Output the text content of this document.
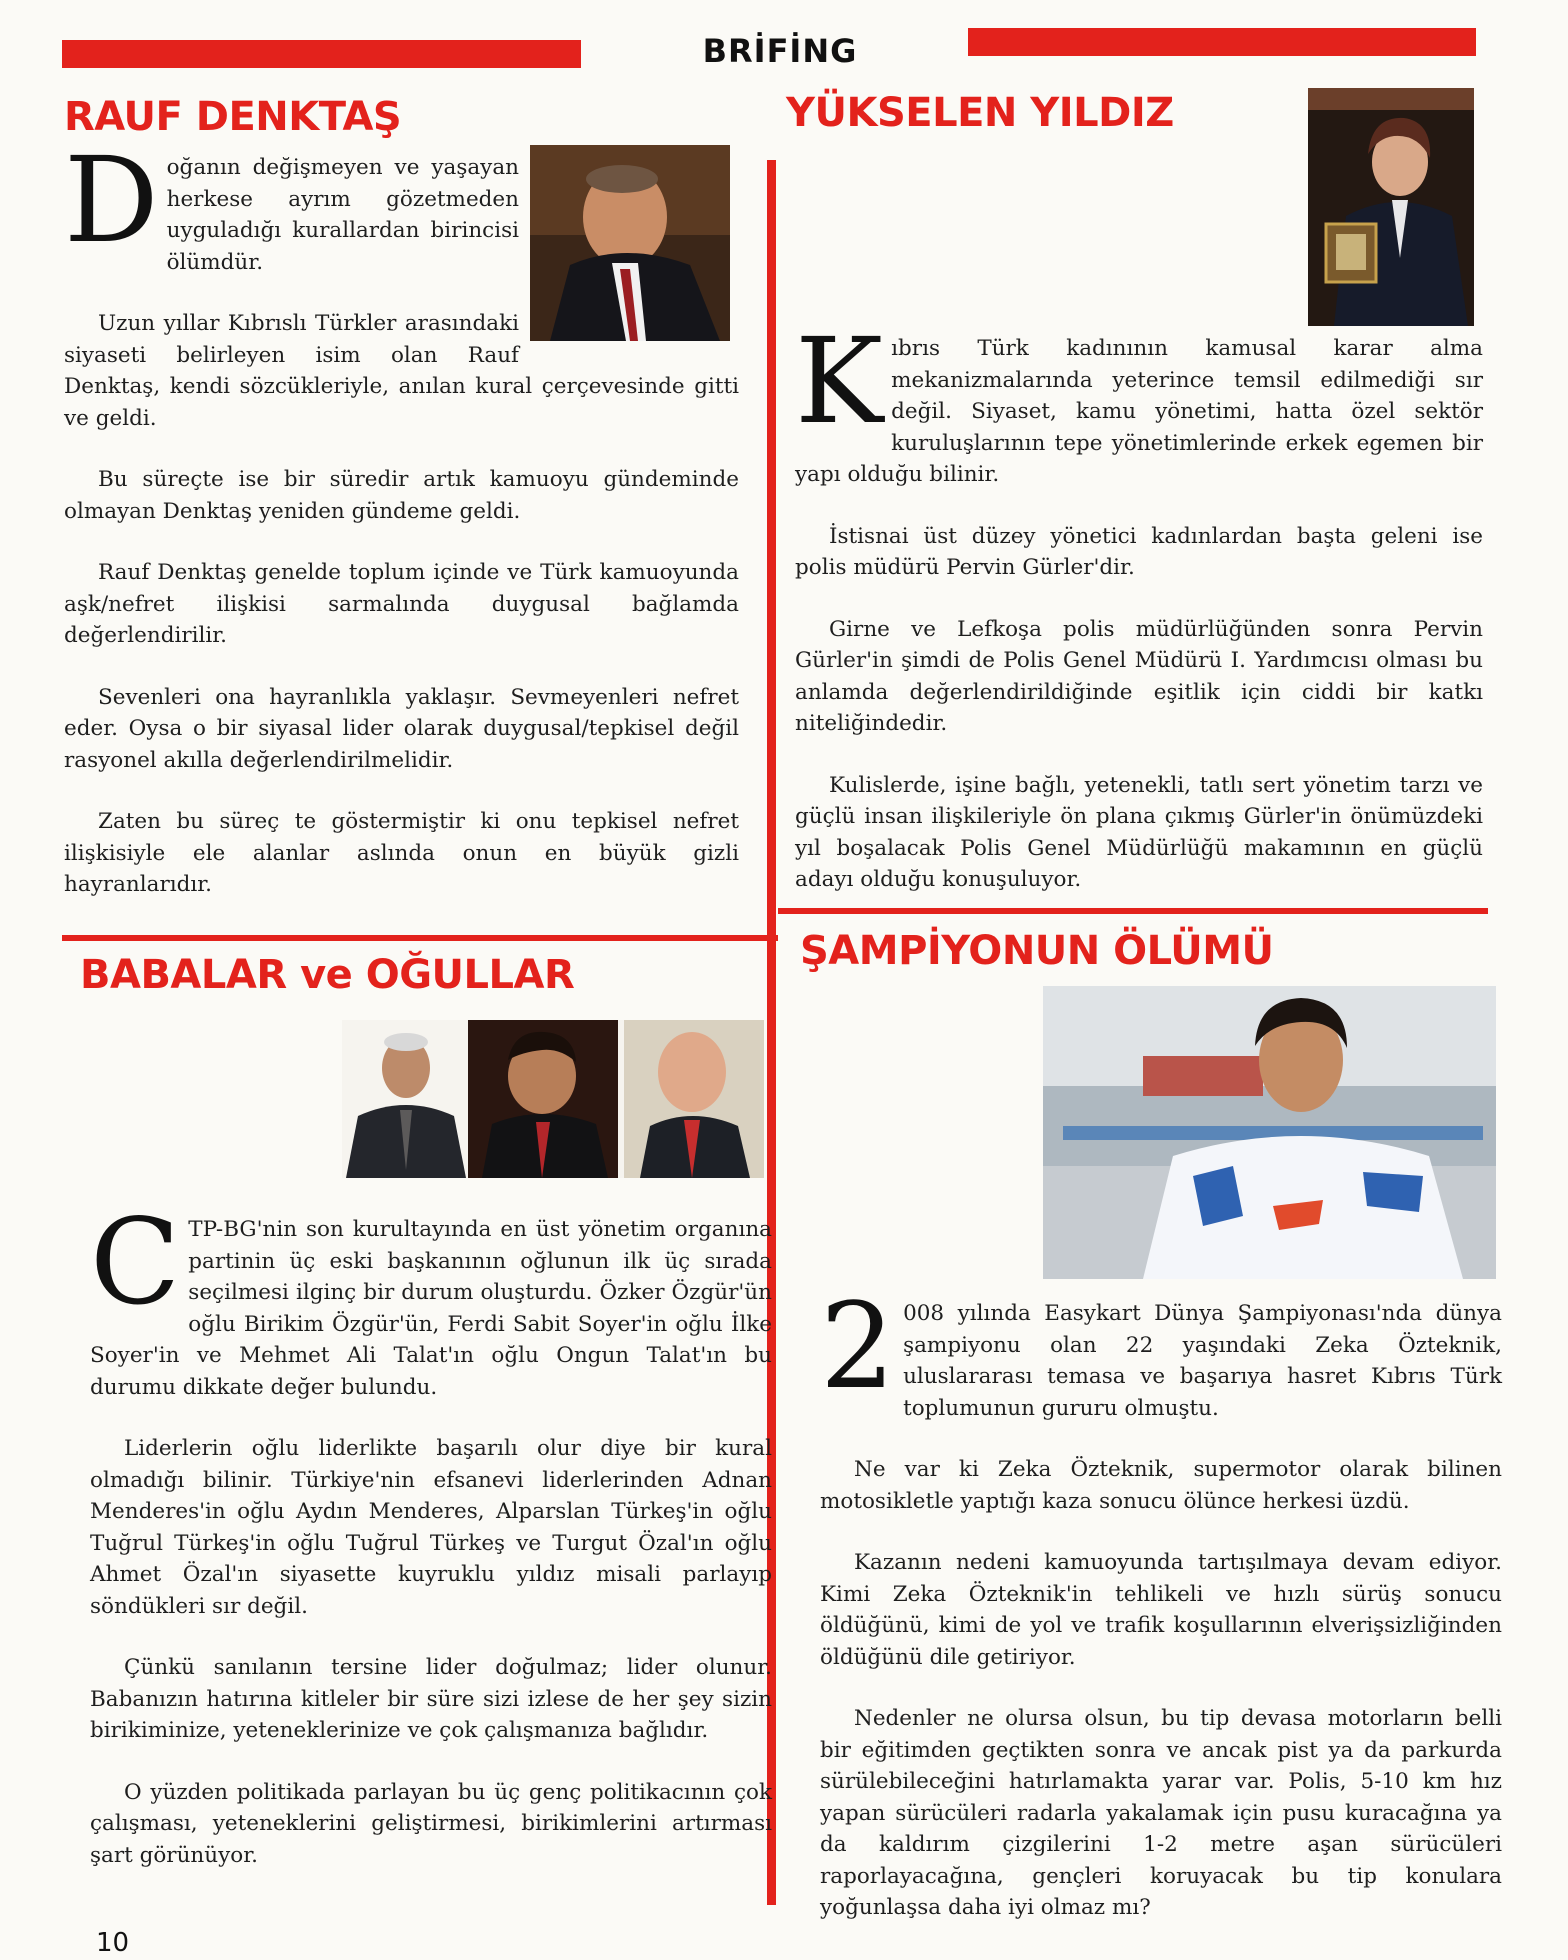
BRİFİNG
RAUF DENKTAŞ

Doğanın değişmeyen ve yaşayan herkese ayrım gözetmeden uyguladığı kurallardan birincisi ölümdür.

Uzun yıllar Kıbrıslı Türkler arasındaki siyaseti belirleyen isim olan Rauf Denktaş, kendi sözcükleriyle, anılan kural çerçevesinde gitti ve geldi.

Bu süreçte ise bir süredir artık kamuoyu gündeminde olmayan Denktaş yeniden gündeme geldi.

Rauf Denktaş genelde toplum içinde ve Türk kamuoyunda aşk/nefret ilişkisi sarmalında duygusal bağlamda değerlendirilir.

Sevenleri ona hayranlıkla yaklaşır. Sevmeyenleri nefret eder. Oysa o bir siyasal lider olarak duygusal/tepkisel değil rasyonel akılla değerlendirilmelidir.

Zaten bu süreç te göstermiştir ki onu tepkisel nefret ilişkisiyle ele alanlar aslında onun en büyük gizli hayranlarıdır.

YÜKSELEN YILDIZ

Kıbrıs Türk kadınının kamusal karar alma mekanizmalarında yeterince temsil edilmediği sır değil. Siyaset, kamu yönetimi, hatta özel sektör kuruluşlarının tepe yönetimlerinde erkek egemen bir yapı olduğu bilinir.

İstisnai üst düzey yönetici kadınlardan başta geleni ise polis müdürü Pervin Gürler'dir.

Girne ve Lefkoşa polis müdürlüğünden sonra Pervin Gürler'in şimdi de Polis Genel Müdürü I. Yardımcısı olması bu anlamda değerlendirildiğinde eşitlik için ciddi bir katkı niteliğindedir.

Kulislerde, işine bağlı, yetenekli, tatlı sert yönetim tarzı ve güçlü insan ilişkileriyle ön plana çıkmış Gürler'in önümüzdeki yıl boşalacak Polis Genel Müdürlüğü makamının en güçlü adayı olduğu konuşuluyor.

BABALAR ve OĞULLAR

CTP-BG'nin son kurultayında en üst yönetim organına partinin üç eski başkanının oğlunun ilk üç sırada seçilmesi ilginç bir durum oluşturdu. Özker Özgür'ün oğlu Birikim Özgür'ün, Ferdi Sabit Soyer'in oğlu İlke Soyer'in ve Mehmet Ali Talat'ın oğlu Ongun Talat'ın bu durumu dikkate değer bulundu.

Liderlerin oğlu liderlikte başarılı olur diye bir kural olmadığı bilinir. Türkiye'nin efsanevi liderlerinden Adnan Menderes'in oğlu Aydın Menderes, Alparslan Türkeş'in oğlu Tuğrul Türkeş'in oğlu Tuğrul Türkeş ve Turgut Özal'ın oğlu Ahmet Özal'ın siyasette kuyruklu yıldız misali parlayıp söndükleri sır değil.

Çünkü sanılanın tersine lider doğulmaz; lider olunur. Babanızın hatırına kitleler bir süre sizi izlese de her şey sizin birikiminize, yeteneklerinize ve çok çalışmanıza bağlıdır.

O yüzden politikada parlayan bu üç genç politikacının çok çalışması, yeteneklerini geliştirmesi, birikimlerini artırması şart görünüyor.

ŞAMPİYONUN ÖLÜMÜ

2 008 yılında Easykart Dünya Şampiyonası'nda dünya şampiyonu olan 22 yaşındaki Zeka Özteknik, uluslararası temasa ve başarıya hasret Kıbrıs Türk toplumunun gururu olmuştu.

Ne var ki Zeka Özteknik, supermotor olarak bilinen motosikletle yaptığı kaza sonucu ölünce herkesi üzdü.

Kazanın nedeni kamuoyunda tartışılmaya devam ediyor. Kimi Zeka Özteknik'in tehlikeli ve hızlı sürüş sonucu öldüğünü, kimi de yol ve trafik koşullarının elverişsizliğinden öldüğünü dile getiriyor.

Nedenler ne olursa olsun, bu tip devasa motorların belli bir eğitimden geçtikten sonra ve ancak pist ya da parkurda sürülebileceğini hatırlamakta yarar var. Polis, 5-10 km hız yapan sürücüleri radarla yakalamak için pusu kuracağına ya da kaldırım çizgilerini 1-2 metre aşan sürücüleri raporlayacağına, gençleri koruyacak bu tip konulara yoğunlaşsa daha iyi olmaz mı?

10
